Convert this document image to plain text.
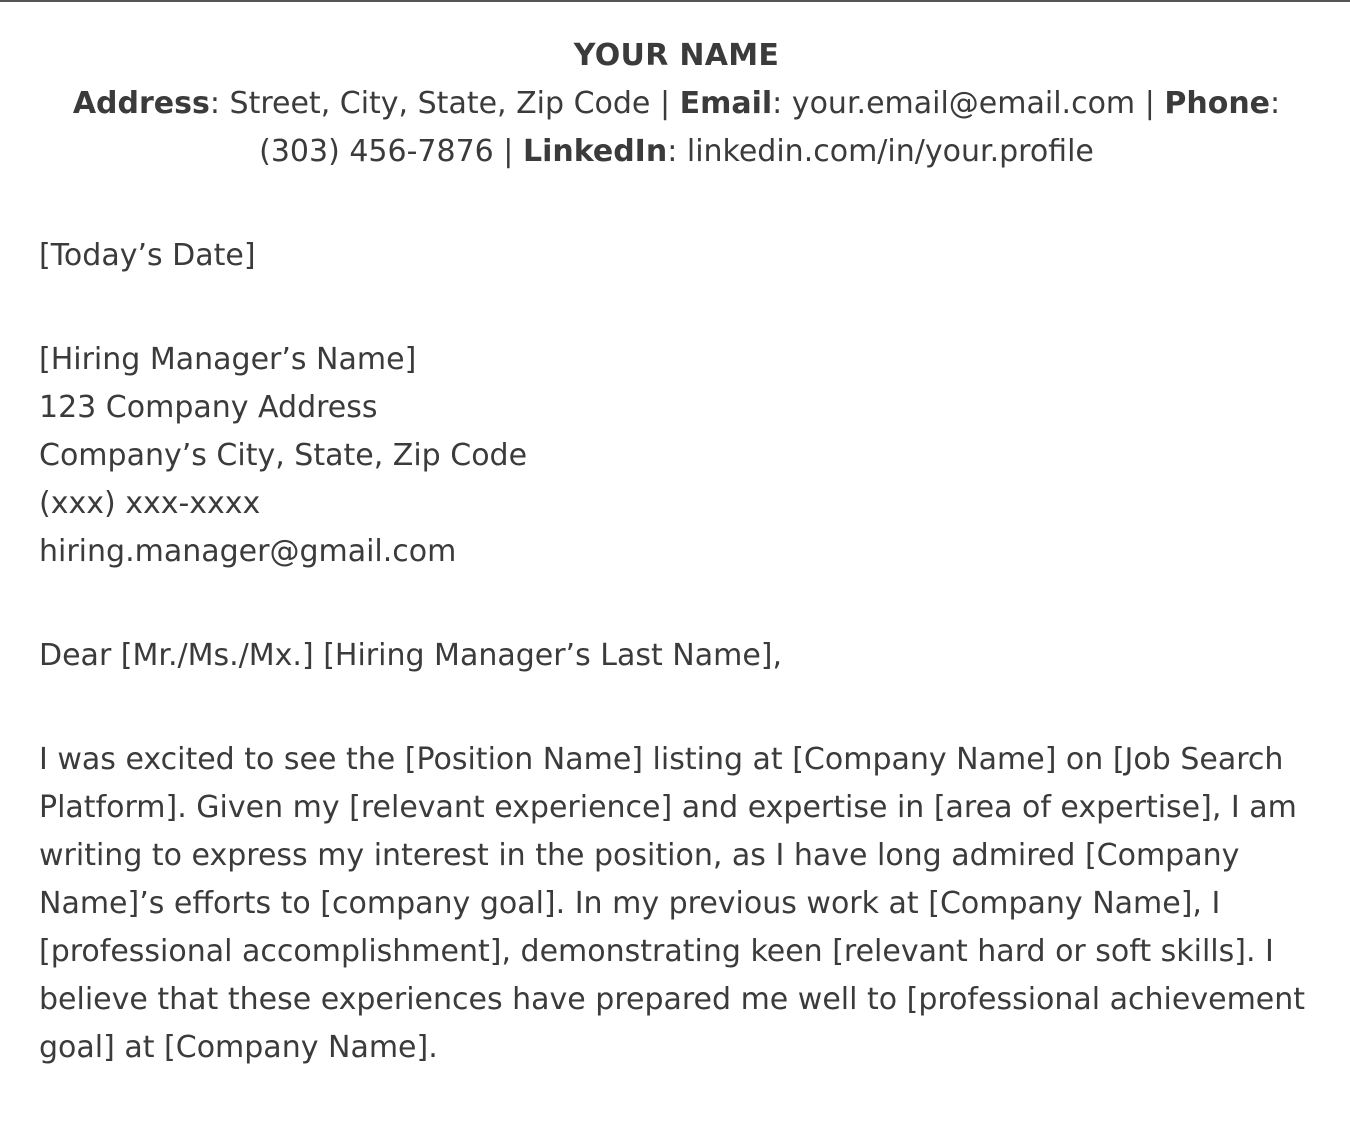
YOUR NAME
Address: Street, City, State, Zip Code | Email: your.email@email.com | Phone: (303) 456-7876 | LinkedIn: linkedin.com/in/your.profile
[Today’s Date]
[Hiring Manager’s Name]
123 Company Address
Company’s City, State, Zip Code
(xxx) xxx-xxxx
hiring.manager@gmail.com
Dear [Mr./Ms./Mx.] [Hiring Manager’s Last Name],
I was excited to see the [Position Name] listing at [Company Name] on [Job Search Platform]. Given my [relevant experience] and expertise in [area of expertise], I am writing to express my interest in the position, as I have long admired [Company Name]’s efforts to [company goal]. In my previous work at [Company Name], I [professional accomplishment], demonstrating keen [relevant hard or soft skills]. I believe that these experiences have prepared me well to [professional achievement goal] at [Company Name].
